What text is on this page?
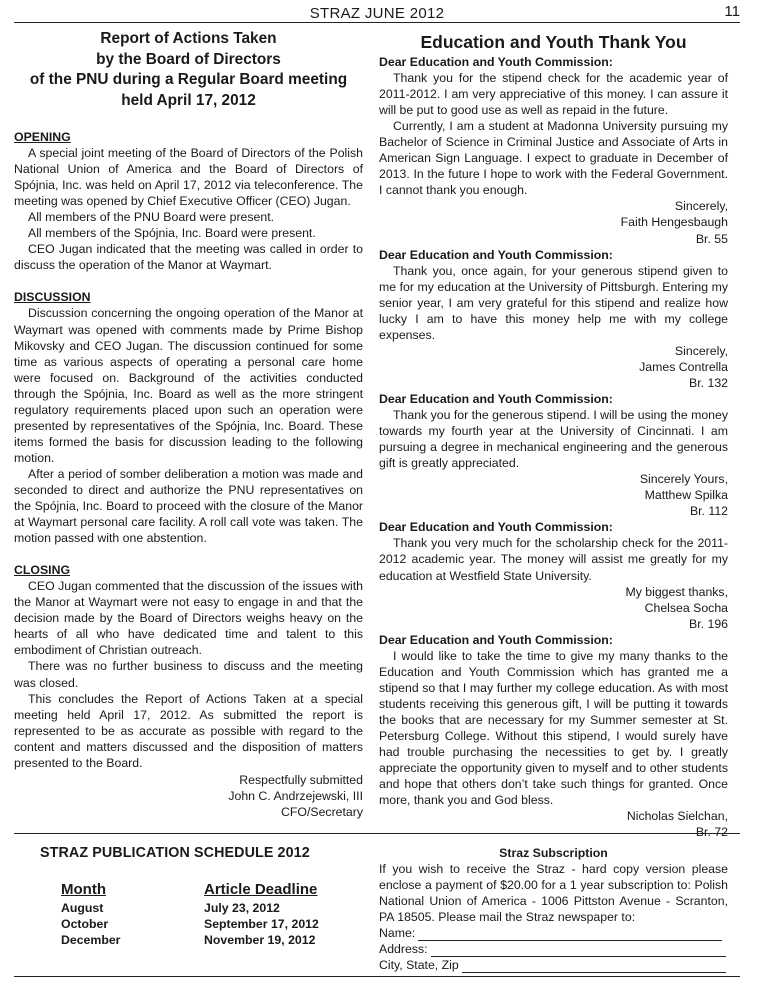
STRAZ JUNE 2012	11
Report of Actions Taken
by the Board of Directors
of the PNU during a Regular Board meeting
held April 17, 2012
OPENING

A special joint meeting of the Board of Directors of the Polish National Union of America and the Board of Directors of Spójnia, Inc. was held on April 17, 2012 via teleconference. The meeting was opened by Chief Executive Officer (CEO) Jugan.

All members of the PNU Board were present.

All members of the Spójnia, Inc. Board were present.

CEO Jugan indicated that the meeting was called in order to discuss the operation of the Manor at Waymart.

DISCUSSION

Discussion concerning the ongoing operation of the Manor at Waymart was opened with comments made by Prime Bishop Mikovsky and CEO Jugan. The discussion continued for some time as various aspects of operating a personal care home were focused on. Background of the activities conducted through the Spójnia, Inc. Board as well as the more stringent regulatory requirements placed upon such an operation were presented by representatives of the Spójnia, Inc. Board. These items formed the basis for discussion leading to the following motion.

After a period of somber deliberation a motion was made and seconded to direct and authorize the PNU representatives on the Spójnia, Inc. Board to proceed with the closure of the Manor at Waymart personal care facility. A roll call vote was taken. The motion passed with one abstention.

CLOSING

CEO Jugan commented that the discussion of the issues with the Manor at Waymart were not easy to engage in and that the decision made by the Board of Directors weighs heavy on the hearts of all who have dedicated time and talent to this embodiment of Christian outreach.

There was no further business to discuss and the meeting was closed.

This concludes the Report of Actions Taken at a special meeting held April 17, 2012. As submitted the report is represented to be as accurate as possible with regard to the content and matters discussed and the disposition of matters presented to the Board.

Respectfully submitted

John C. Andrzejewski, III

CFO/Secretary

Education and Youth Thank You

Dear Education and Youth Commission:

Thank you for the stipend check for the academic year of 2011-2012. I am very appreciative of this money. I can assure it will be put to good use as well as repaid in the future.

Currently, I am a student at Madonna University pursuing my Bachelor of Science in Criminal Justice and Associate of Arts in American Sign Language. I expect to graduate in December of 2013. In the future I hope to work with the Federal Government. I cannot thank you enough.

Sincerely,

Faith Hengesbaugh

Br. 55

Dear Education and Youth Commission:

Thank you, once again, for your generous stipend given to me for my education at the University of Pittsburgh. Entering my senior year, I am very grateful for this stipend and realize how lucky I am to have this money help me with my college expenses.

Sincerely,

James Contrella

Br. 132

Dear Education and Youth Commission:

Thank you for the generous stipend. I will be using the money towards my fourth year at the University of Cincinnati. I am pursuing a degree in mechanical engineering and the generous gift is greatly appreciated.

Sincerely Yours,

Matthew Spilka

Br. 112

Dear Education and Youth Commission:

Thank you very much for the scholarship check for the 2011-2012 academic year. The money will assist me greatly for my education at Westfield State University.

My biggest thanks,

Chelsea Socha

Br. 196

Dear Education and Youth Commission:

I would like to take the time to give my many thanks to the Education and Youth Commission which has granted me a stipend so that I may further my college education. As with most students receiving this generous gift, I will be putting it towards the books that are necessary for my Summer semester at St. Petersburg College. Without this stipend, I would surely have had trouble purchasing the necessities to get by. I greatly appreciate the opportunity given to myself and to other students and hope that others don’t take such things for granted. Once more, thank you and God bless.

Nicholas Sielchan,

Br. 72

STRAZ PUBLICATION SCHEDULE 2012
Month	Article Deadline
August	July 23, 2012
October	September 17, 2012
December	November 19, 2012
Straz Subscription

If you wish to receive the Straz - hard copy version please enclose a payment of $20.00 for a 1 year subscription to: Polish National Union of America - 1006 Pittston Avenue - Scranton, PA 18505. Please mail the Straz newspaper to:

Name:
Address:
City, State, Zip
